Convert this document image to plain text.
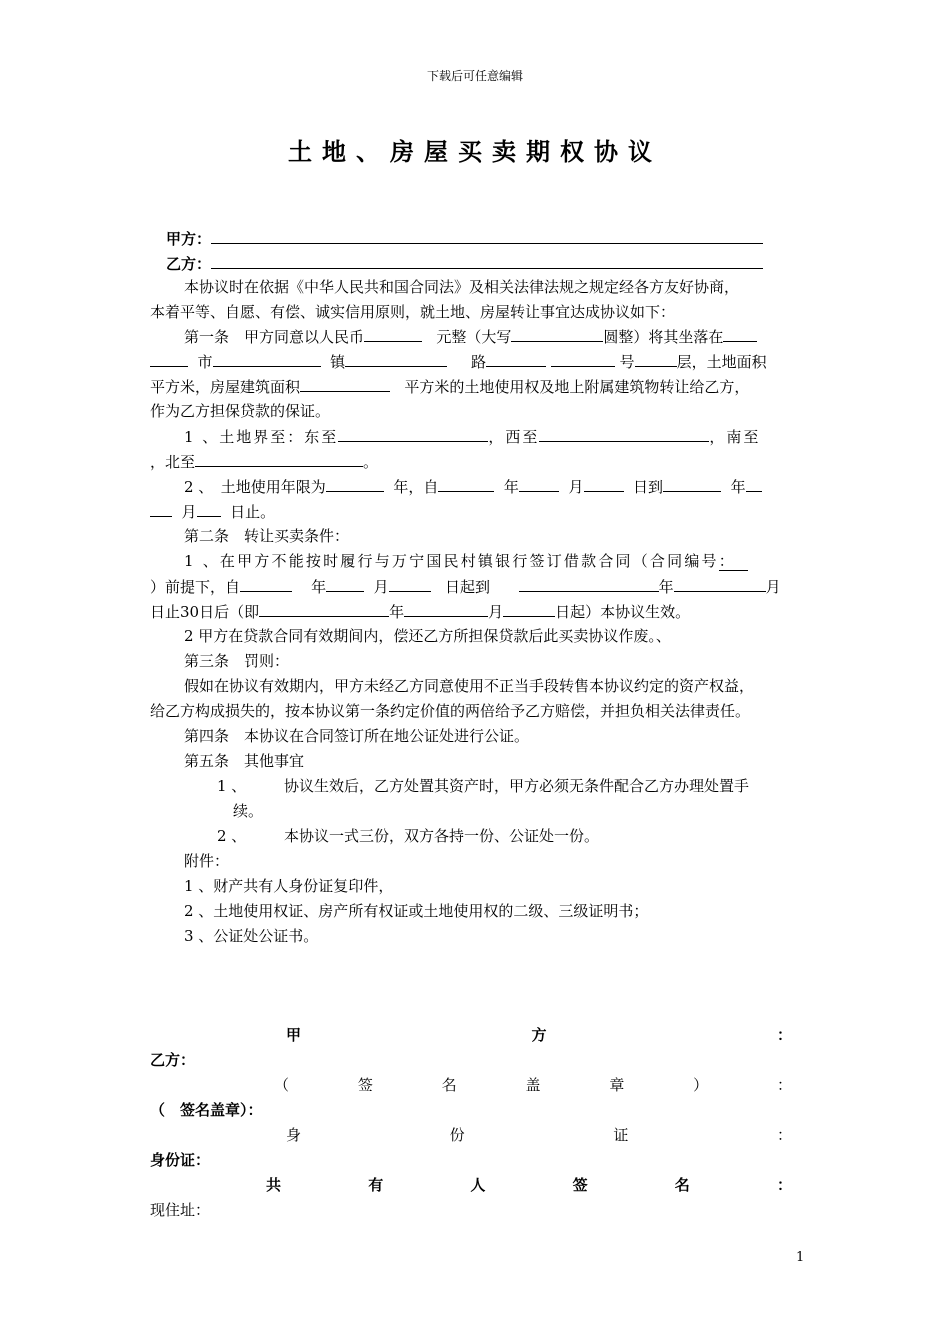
下载后可任意编辑
土地、房屋买卖期权协议
甲方：
乙方：
本协议时在依据《中华人民共和国合同法》及相关法律法规之规定经各方友好协商，
本着平等、自愿、有偿、诚实信用原则，就土地、房屋转让事宜达成协议如下：
第一条　甲方同意以人民币	元整（大写	圆整）将其坐落在
市	镇	路	号	层，土地面积
平方米，房屋建筑面积	平方米的土地使用权及地上附属建筑物转让给乙方，
作为乙方担保贷款的保证。
1 、土地界至：东至	，西至	，南至
，北至	。
2 、　土地使用年限为	年，自	年	月	日到	年
月 日止。
第二条　转让买卖条件：
1 、在甲方不能按时履行与万宁国民村镇银行签订借款合同（合同编号：
）前提下，自	年	月	日起到	年	月
日止30日后（即	年	月	日起）本协议生效。
2 甲方在贷款合同有效期间内，偿还乙方所担保贷款后此买卖协议作废。、
第三条　罚则：
假如在协议有效期内，甲方未经乙方同意使用不正当手段转售本协议约定的资产权益，
给乙方构成损失的，按本协议第一条约定价值的两倍给予乙方赔偿，并担负相关法律责任。
第四条　本协议在合同签订所在地公证处进行公证。
第五条　其他事宜
1 、	协议生效后，乙方处置其资产时，甲方必须无条件配合乙方办理处置手
续。
2 、	本协议一式三份，双方各持一份、公证处一份。
附件：
1 、财产共有人身份证复印件，
2 、土地使用权证、房产所有权证或土地使用权的二级、三级证明书；
3 、公证处公证书。
甲	方	：
乙方：
（	签	名	盖	章	）	：
（　签名盖章）：
身	份	证	：
身份证：
共	有	人	签	名	：
现住址：
1
